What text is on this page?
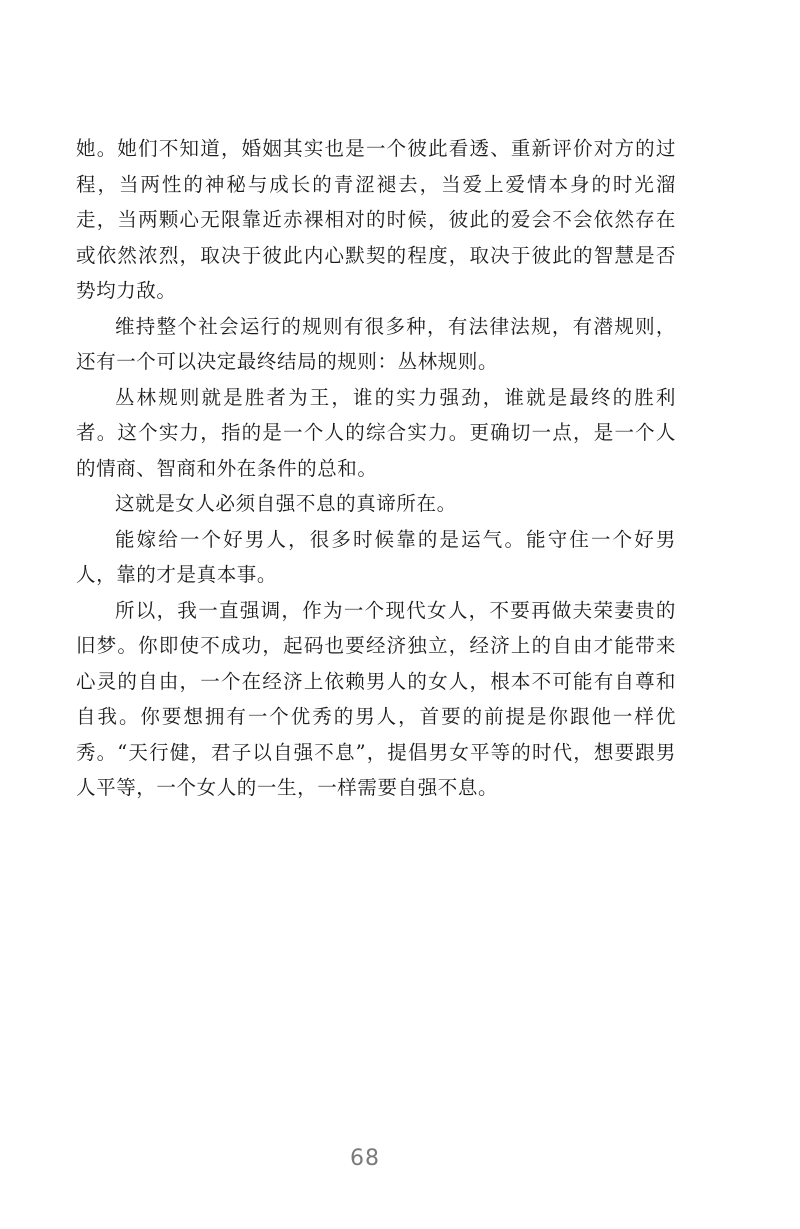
她。她们不知道，婚姻其实也是一个彼此看透、重新评价对方的过程，当两性的神秘与成长的青涩褪去，当爱上爱情本身的时光溜走，当两颗心无限靠近赤裸相对的时候，彼此的爱会不会依然存在或依然浓烈，取决于彼此内心默契的程度，取决于彼此的智慧是否势均力敌。

维持整个社会运行的规则有很多种，有法律法规，有潜规则，还有一个可以决定最终结局的规则：丛林规则。

丛林规则就是胜者为王，谁的实力强劲，谁就是最终的胜利者。这个实力，指的是一个人的综合实力。更确切一点，是一个人的情商、智商和外在条件的总和。

这就是女人必须自强不息的真谛所在。

能嫁给一个好男人，很多时候靠的是运气。能守住一个好男人，靠的才是真本事。

所以，我一直强调，作为一个现代女人，不要再做夫荣妻贵的旧梦。你即使不成功，起码也要经济独立，经济上的自由才能带来心灵的自由，一个在经济上依赖男人的女人，根本不可能有自尊和自我。你要想拥有一个优秀的男人，首要的前提是你跟他一样优秀。“天行健，君子以自强不息”，提倡男女平等的时代，想要跟男人平等，一个女人的一生，一样需要自强不息。

68
